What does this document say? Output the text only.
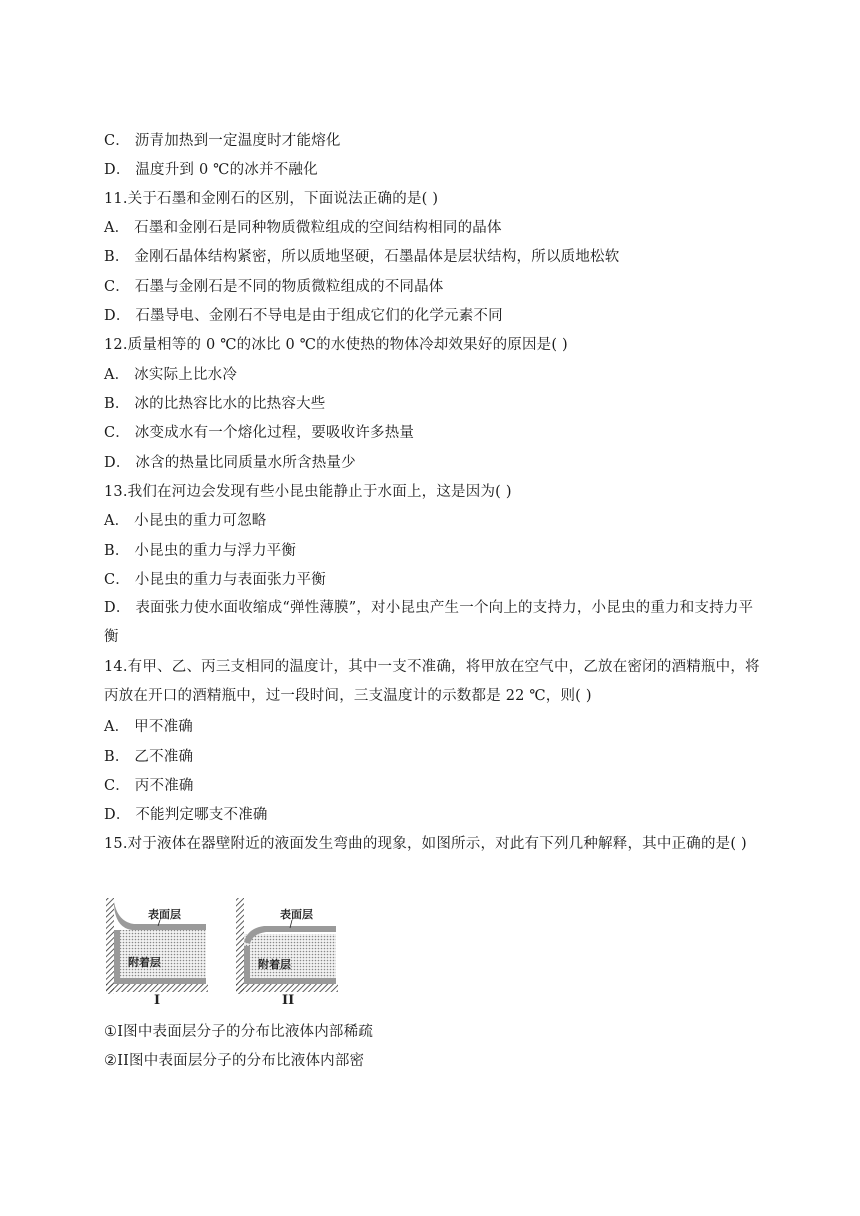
C． 沥青加热到一定温度时才能熔化
D． 温度升到 0 ℃的冰并不融化
11.关于石墨和金刚石的区别，下面说法正确的是( )
A． 石墨和金刚石是同种物质微粒组成的空间结构相同的晶体
B． 金刚石晶体结构紧密，所以质地坚硬，石墨晶体是层状结构，所以质地松软
C． 石墨与金刚石是不同的物质微粒组成的不同晶体
D． 石墨导电、金刚石不导电是由于组成它们的化学元素不同
12.质量相等的 0 ℃的冰比 0 ℃的水使热的物体冷却效果好的原因是( )
A． 冰实际上比水冷
B． 冰的比热容比水的比热容大些
C． 冰变成水有一个熔化过程，要吸收许多热量
D． 冰含的热量比同质量水所含热量少
13.我们在河边会发现有些小昆虫能静止于水面上，这是因为( )
A． 小昆虫的重力可忽略
B． 小昆虫的重力与浮力平衡
C． 小昆虫的重力与表面张力平衡
D． 表面张力使水面收缩成“弹性薄膜”，对小昆虫产生一个向上的支持力，小昆虫的重力和支持力平衡
14.有甲、乙、丙三支相同的温度计，其中一支不准确，将甲放在空气中，乙放在密闭的酒精瓶中，将丙放在开口的酒精瓶中，过一段时间，三支温度计的示数都是 22 ℃，则( )
A． 甲不准确
B． 乙不准确
C． 丙不准确
D． 不能判定哪支不准确
15.对于液体在器壁附近的液面发生弯曲的现象，如图所示，对此有下列几种解释，其中正确的是( )
表面层
附着层
I
表面层
附着层
II
①I图中表面层分子的分布比液体内部稀疏
②II图中表面层分子的分布比液体内部密
